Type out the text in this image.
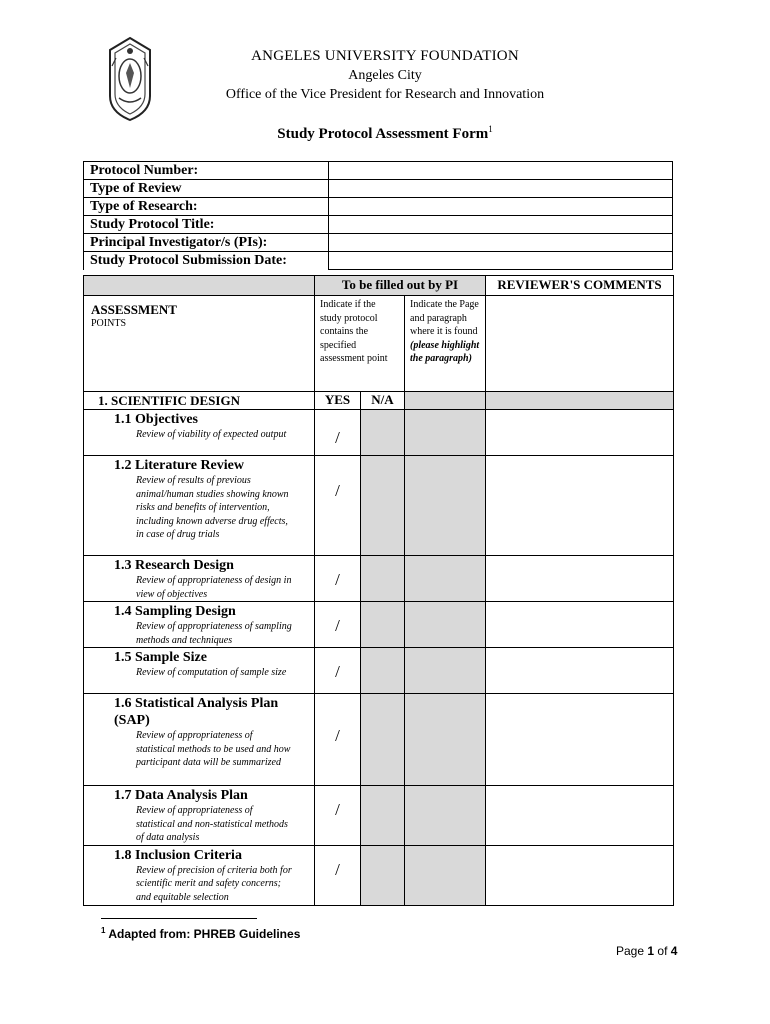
ANGELES UNIVERSITY FOUNDATION
Angeles City
Office of the Vice President for Research and Innovation
Study Protocol Assessment Form$^1$
Protocol Number:	
Type of Review	
Type of Research:	
Study Protocol Title:	
Principal Investigator/s (PIs):	
Study Protocol Submission Date:	
	To be filled out by PI			REVIEWER'S COMMENTS
ASSESSMENT
POINTS	Indicate if the study protocol contains the specified assessment point		Indicate the Page and paragraph where it is found (please highlight the paragraph)	
1. SCIENTIFIC DESIGN	YES	N/A		

1.1 Objectives
Review of viability of expected output	/			

1.2 Literature Review
Review of results of previous animal/human studies showing known risks and benefits of intervention, including known adverse drug effects, in case of drug trials	/			

1.3 Research Design
Review of appropriateness of design in view of objectives	/			

1.4 Sampling Design
Review of appropriateness of sampling methods and techniques	/			

1.5 Sample Size
Review of computation of sample size	/			

1.6 Statistical Analysis Plan (SAP)
Review of appropriateness of statistical methods to be used and how participant data will be summarized	/			

1.7 Data Analysis Plan
Review of appropriateness of statistical and non-statistical methods of data analysis	/			

1.8 Inclusion Criteria
Review of precision of criteria both for scientific merit and safety concerns; and equitable selection	/			
$^1$ Adapted from: PHREB Guidelines
Page 1 of 4
